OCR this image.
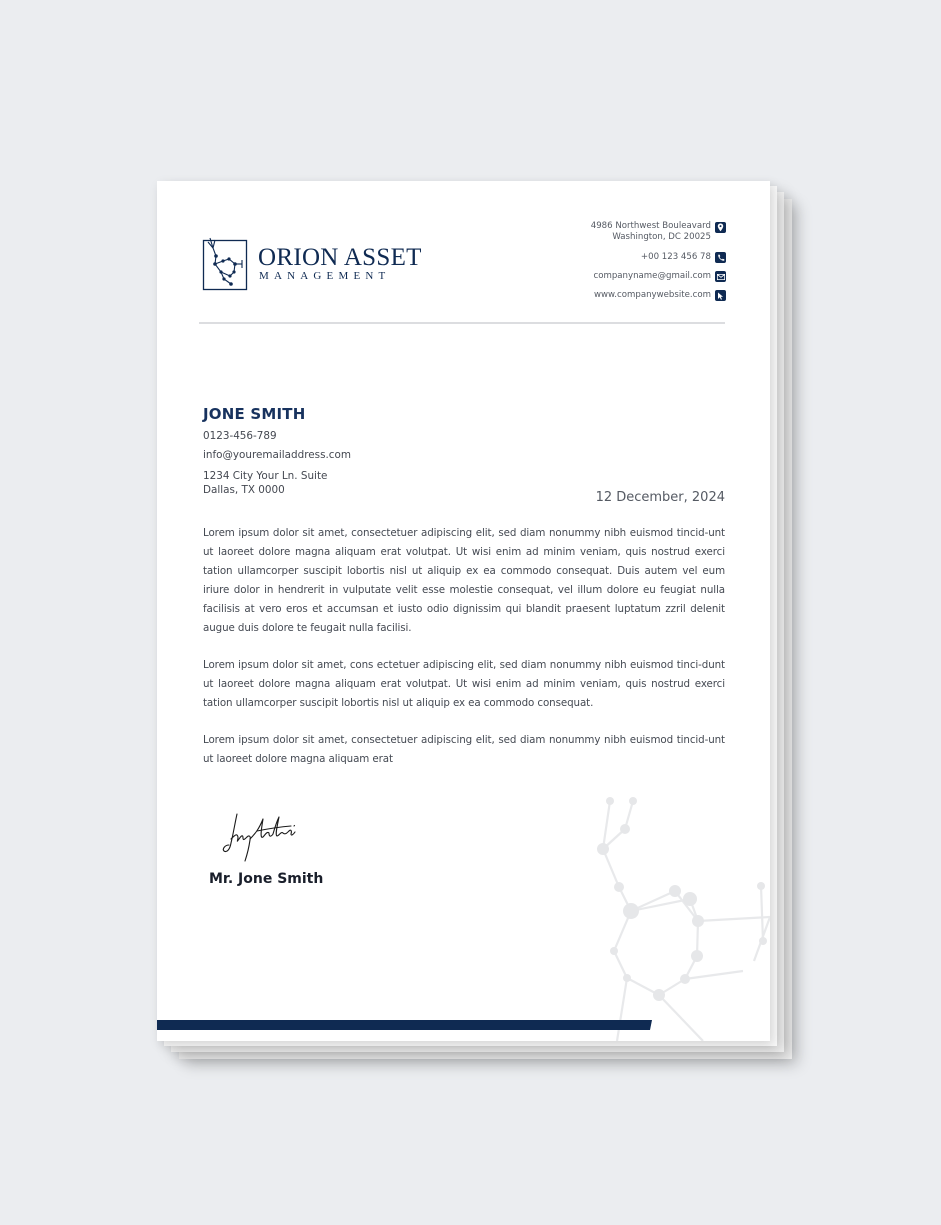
ORION ASSET
MANAGEMENT
4986 Northwest Bouleavard
Washington, DC 20025
+00 123 456 78
companyname@gmail.com
www.companywebsite.com
JONE SMITH
0123-456-789
info@youremailaddress.com
1234 City Your Ln. Suite
Dallas, TX 0000	12 December, 2024

Lorem ipsum dolor sit amet, consectetuer adipiscing elit, sed diam nonummy nibh euismod tincid-unt ut laoreet dolore magna aliquam erat volutpat. Ut wisi enim ad minim veniam, quis nostrud exerci tation ullamcorper suscipit lobortis nisl ut aliquip ex ea commodo consequat. Duis autem vel eum iriure dolor in hendrerit in vulputate velit esse molestie consequat, vel illum dolore eu feugiat nulla facilisis at vero eros et accumsan et iusto odio dignissim qui blandit praesent luptatum zzril delenit augue duis dolore te feugait nulla facilisi.

Lorem ipsum dolor sit amet, cons ectetuer adipiscing elit, sed diam nonummy nibh euismod tinci-dunt ut laoreet dolore magna aliquam erat volutpat. Ut wisi enim ad minim veniam, quis nostrud exerci tation ullamcorper suscipit lobortis nisl ut aliquip ex ea commodo consequat.

Lorem ipsum dolor sit amet, consectetuer adipiscing elit, sed diam nonummy nibh euismod tincid-unt ut laoreet dolore magna aliquam erat

Mr. Jone Smith
